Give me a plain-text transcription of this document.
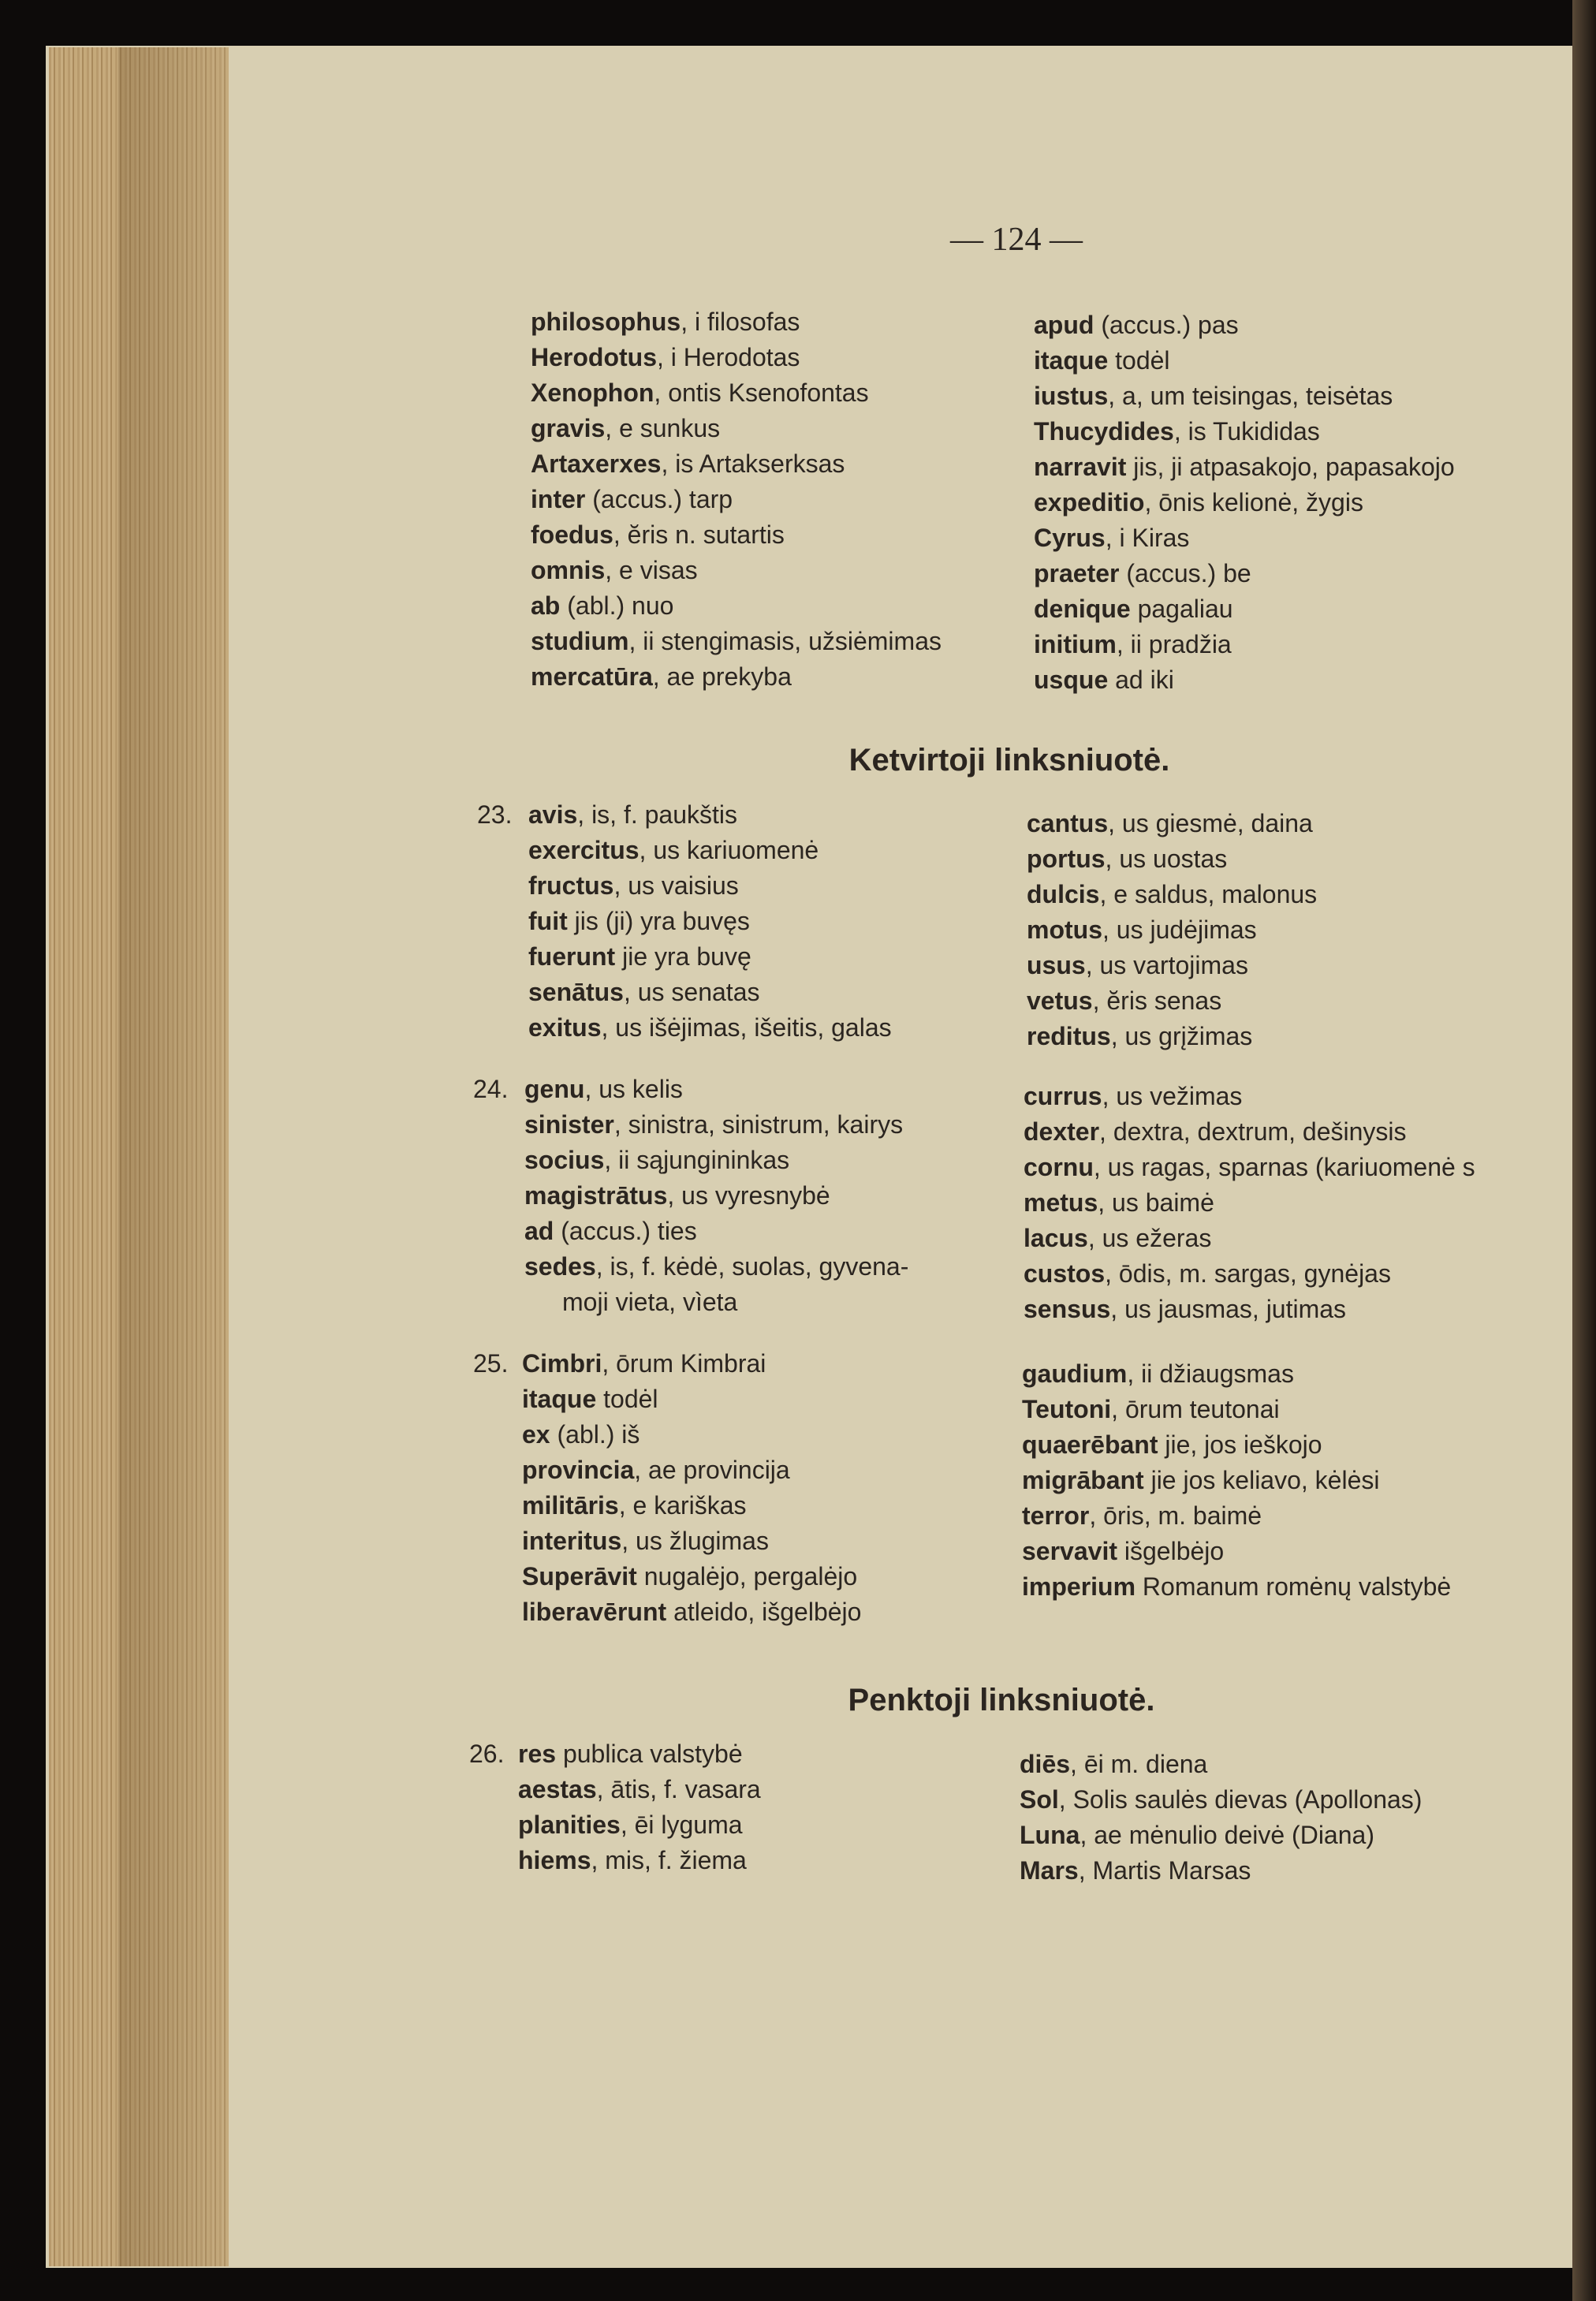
— 124 —
philosophus, i filosofas
Herodotus, i Herodotas
Xenophon, ontis Ksenofontas
gravis, e sunkus
Artaxerxes, is Artakserksas
inter (accus.) tarp
foedus, ĕris n. sutartis
omnis, e visas
ab (abl.) nuo
studium, ii stengimasis, užsiėmimas
mercatūra, ae prekyba
apud (accus.) pas
itaque todėl
iustus, a, um teisingas, teisėtas
Thucydides, is Tukididas
narravit jis, ji atpasakojo, papasakojo
expeditio, ōnis kelionė, žygis
Cyrus, i Kiras
praeter (accus.) be
denique pagaliau
initium, ii pradžia
usque ad iki
Ketvirtoji linksniuotė.
23. avis, is, f. paukštis
exercitus, us kariuomenė
fructus, us vaisius
fuit jis (ji) yra buvęs
fuerunt jie yra buvę
senātus, us senatas
exitus, us išėjimas, išeitis, galas
cantus, us giesmė, daina
portus, us uostas
dulcis, e saldus, malonus
motus, us judėjimas
usus, us vartojimas
vetus, ĕris senas
reditus, us grįžimas
24. genu, us kelis
sinister, sinistra, sinistrum, kairys
socius, ii sąjungininkas
magistrātus, us vyresnybė
ad (accus.) ties
sedes, is, f. kėdė, suolas, gyvena-
moji vieta, vìeta
currus, us vežimas
dexter, dextra, dextrum, dešinysis
cornu, us ragas, sparnas (kariuomenė s
metus, us baimė
lacus, us ežeras
custos, ōdis, m. sargas, gynėjas
sensus, us jausmas, jutimas
25. Cimbri, ōrum Kimbrai
itaque todėl
ex (abl.) iš
provincia, ae provincija
militāris, e kariškas
interitus, us žlugimas
Superāvit nugalėjo, pergalėjo
liberavērunt atleido, išgelbėjo
gaudium, ii džiaugsmas
Teutoni, ōrum teutonai
quaerēbant jie, jos ieškojo
migrābant jie jos keliavo, kėlėsi
terror, ōris, m. baimė
servavit išgelbėjo
imperium Romanum romėnų valstybė
Penktoji linksniuotė.
26. res publica valstybė
aestas, ātis, f. vasara
planities, ēi lyguma
hiems, mis, f. žiema
diēs, ēi m. diena
Sol, Solis saulės dievas (Apollonas)
Luna, ae mėnulio deivė (Diana)
Mars, Martis Marsas
